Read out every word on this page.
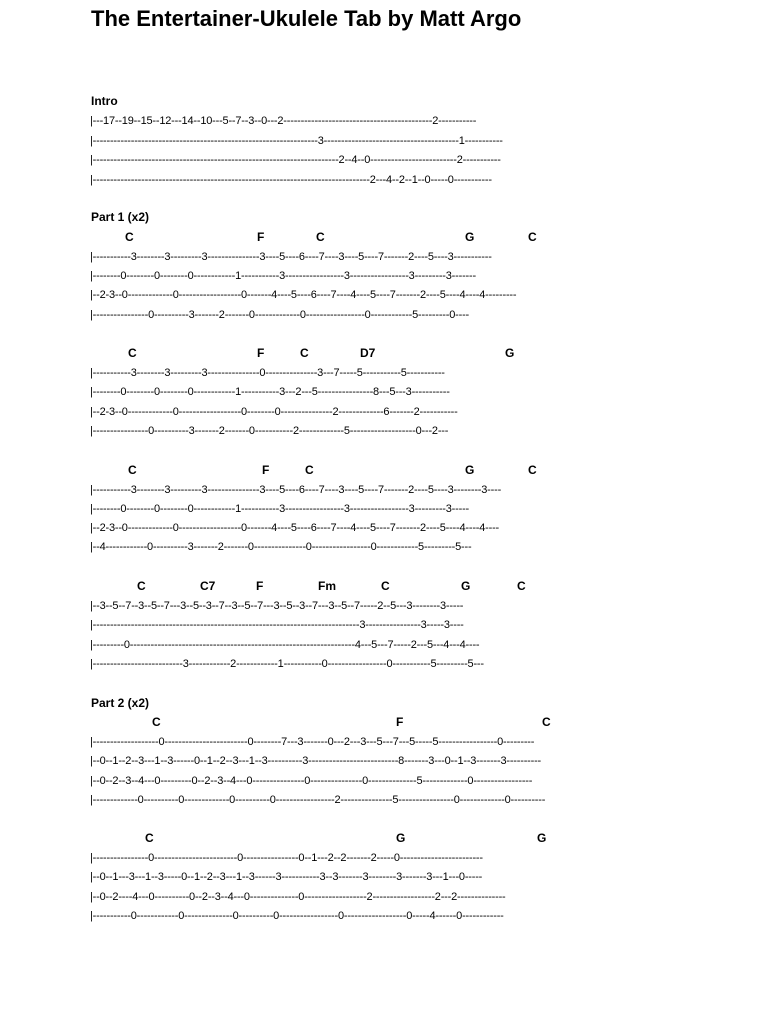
The Entertainer-Ukulele Tab by Matt Argo
Intro
|---17--19--15--12---14--10---5--7--3--0---2-------------------------------------------2-----------
|-----------------------------------------------------------------3---------------------------------------1-----------
|-----------------------------------------------------------------------2--4--0-------------------------2-----------
|--------------------------------------------------------------------------------2---4--2--1--0-----0-----------
Part 1 (x2)
C	F	C	G	C
|-----------3--------3---------3---------------3----5----6----7----3----5----7-------2----5----3-----------
|--------0--------0--------0------------1-----------3-----------------3-----------------3---------3-------
|--2-3--0-------------0------------------0-------4----5----6----7----4----5----7-------2----5----4----4---------
|----------------0----------3-------2-------0-------------0-----------------0------------5---------0----
C	F	C	D7	G
|-----------3--------3---------3---------------0---------------3---7-----5-----------5-----------
|--------0--------0--------0------------1-----------3---2---5----------------8---5---3-----------
|--2-3--0-------------0------------------0--------0---------------2-------------6-------2-----------
|----------------0----------3-------2-------0-----------2-------------5-------------------0---2---
C	F	C	G	C
|-----------3--------3---------3---------------3----5----6----7----3----5----7-------2----5----3--------3----
|--------0--------0--------0------------1-----------3-----------------3-----------------3---------3-----
|--2-3--0-------------0------------------0-------4----5----6----7----4----5----7-------2----5----4----4----
|--4------------0----------3-------2-------0---------------0-----------------0------------5---------5---
C	C7	F	Fm	C	G	C
|--3--5--7--3--5--7---3--5--3--7--3--5--7---3--5--3--7---3--5--7-----2--5---3--------3-----
|-----------------------------------------------------------------------------3----------------3-----3----
|---------0-----------------------------------------------------------------4---5---7-----2---5---4---4----
|--------------------------3------------2------------1-----------0-----------------0-----------5---------5---
Part 2 (x2)
C	F	C
|-------------------0------------------------0--------7---3-------0---2---3---5---7---5-----5-----------------0---------
|--0--1--2--3---1--3------0--1--2--3---1--3----------3--------------------------8-------3---0--1--3-------3----------
|--0--2--3--4---0---------0--2--3--4---0---------------0---------------0--------------5-------------0-----------------
|-------------0----------0-------------0----------0-----------------2---------------5----------------0-------------0----------
C	G	G
|----------------0------------------------0----------------0--1---2--2-------2-----0------------------------
|--0--1---3---1--3-----0--1--2--3---1--3------3-----------3--3-------3--------3-------3---1---0-----
|--0--2----4---0----------0--2--3--4---0--------------0------------------2------------------2---2--------------
|-----------0------------0--------------0----------0-----------------0------------------0-----4------0------------
